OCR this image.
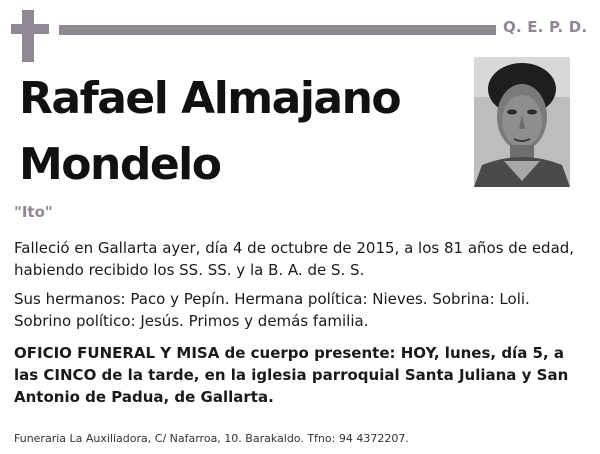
Q. E. P. D.
Rafael Almajano
Mondelo
"Ito"
Falleció en Gallarta ayer, día 4 de octubre de 2015, a los 81 años de edad, habiendo recibido los SS. SS. y la B. A. de S. S.
Sus hermanos: Paco y Pepín. Hermana política: Nieves. Sobrina: Loli. Sobrino político: Jesús. Primos y demás familia.
OFICIO FUNERAL Y MISA de cuerpo presente: HOY, lunes, día 5, a las CINCO de la tarde, en la iglesia parroquial Santa Juliana y San Antonio de Padua, de Gallarta.
Funeraria La Auxiliadora, C/ Nafarroa, 10. Barakaldo. Tfno: 94 4372207.
